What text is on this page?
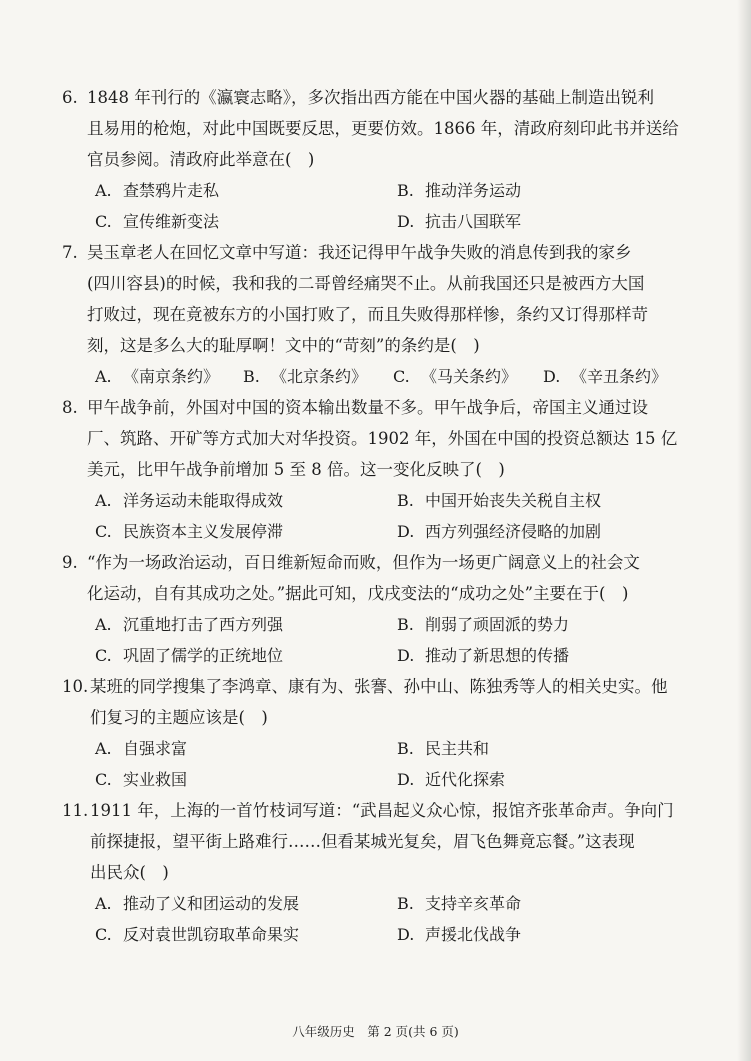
6. 1848 年刊行的《瀛寰志略》，多次指出西方能在中国火器的基础上制造出锐利
且易用的枪炮，对此中国既要反思，更要仿效。1866 年，清政府刻印此书并送给
官员参阅。清政府此举意在(　)
A. 查禁鸦片走私	B. 推动洋务运动
C. 宣传维新变法	D. 抗击八国联军
7. 吴玉章老人在回忆文章中写道：我还记得甲午战争失败的消息传到我的家乡
(四川容县)的时候，我和我的二哥曾经痛哭不止。从前我国还只是被西方大国
打败过，现在竟被东方的小国打败了，而且失败得那样惨，条约又订得那样苛
刻，这是多么大的耻厚啊！文中的“苛刻”的条约是(　)
A. 《南京条约》	B. 《北京条约》	C. 《马关条约》	D. 《辛丑条约》
8. 甲午战争前，外国对中国的资本输出数量不多。甲午战争后，帝国主义通过设
厂、筑路、开矿等方式加大对华投资。1902 年，外国在中国的投资总额达 15 亿
美元，比甲午战争前增加 5 至 8 倍。这一变化反映了(　)
A. 洋务运动未能取得成效	B. 中国开始丧失关税自主权
C. 民族资本主义发展停滞	D. 西方列强经济侵略的加剧
9. “作为一场政治运动，百日维新短命而败，但作为一场更广阔意义上的社会文
化运动，自有其成功之处。”据此可知，戊戌变法的“成功之处”主要在于(　)
A. 沉重地打击了西方列强	B. 削弱了顽固派的势力
C. 巩固了儒学的正统地位	D. 推动了新思想的传播
10. 某班的同学搜集了李鸿章、康有为、张謇、孙中山、陈独秀等人的相关史实。他
们复习的主题应该是(　)
A. 自强求富	B. 民主共和
C. 实业救国	D. 近代化探索
11. 1911 年，上海的一首竹枝词写道：“武昌起义众心惊，报馆齐张革命声。争向门
前探捷报，望平街上路难行……但看某城光复矣，眉飞色舞竟忘餐。”这表现
出民众(　)
A. 推动了义和团运动的发展	B. 支持辛亥革命
C. 反对袁世凯窃取革命果实	D. 声援北伐战争
八年级历史　第 2 页(共 6 页)
